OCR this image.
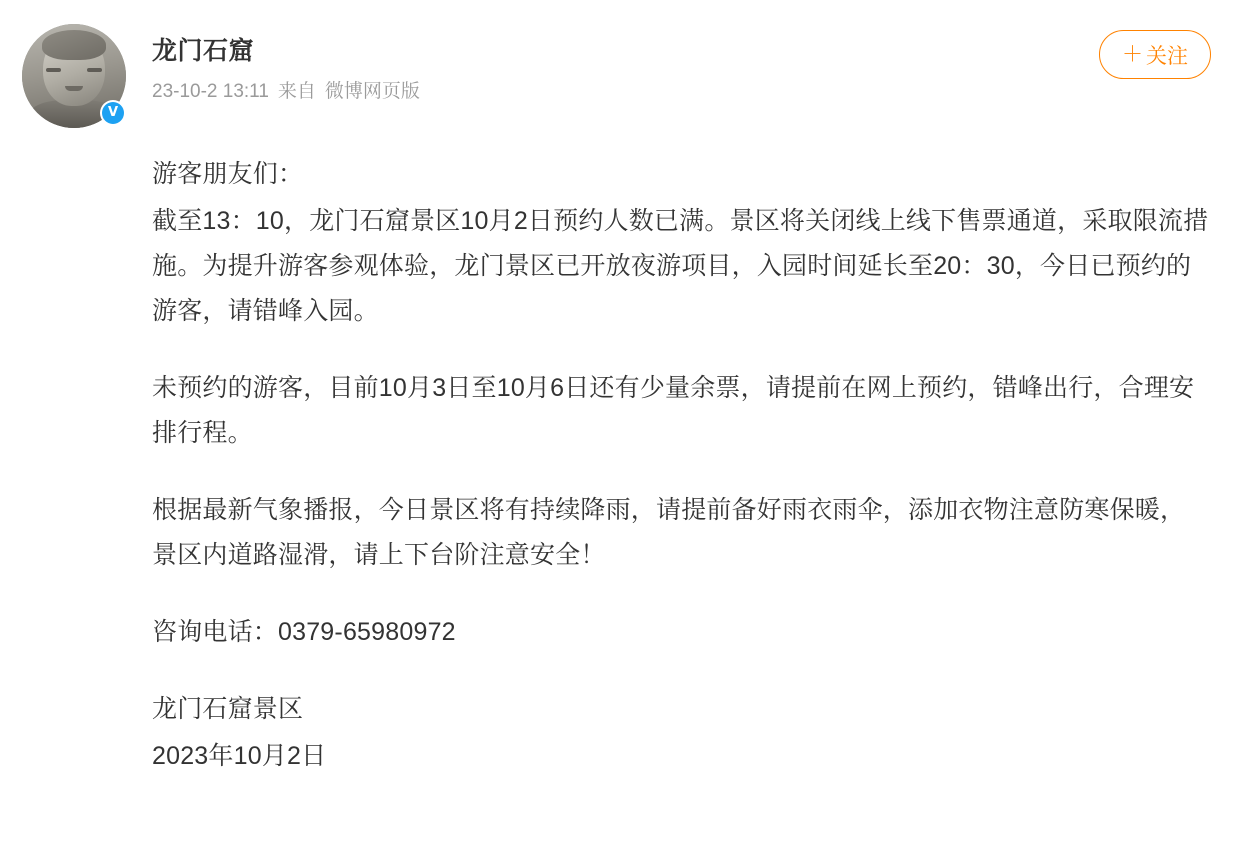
V
龙门石窟
23-10-2 13:11 来自 微博网页版
＋ 关注

游客朋友们：

截至13：10，龙门石窟景区10月2日预约人数已满。景区将关闭线上线下售票通道，采取限流措施。为提升游客参观体验，龙门景区已开放夜游项目，入园时间延长至20：30，今日已预约的游客，请错峰入园。

未预约的游客，目前10月3日至10月6日还有少量余票，请提前在网上预约，错峰出行，合理安排行程。

根据最新气象播报，今日景区将有持续降雨，请提前备好雨衣雨伞，添加衣物注意防寒保暖，景区内道路湿滑，请上下台阶注意安全！

咨询电话：0379-65980972

龙门石窟景区

2023年10月2日
